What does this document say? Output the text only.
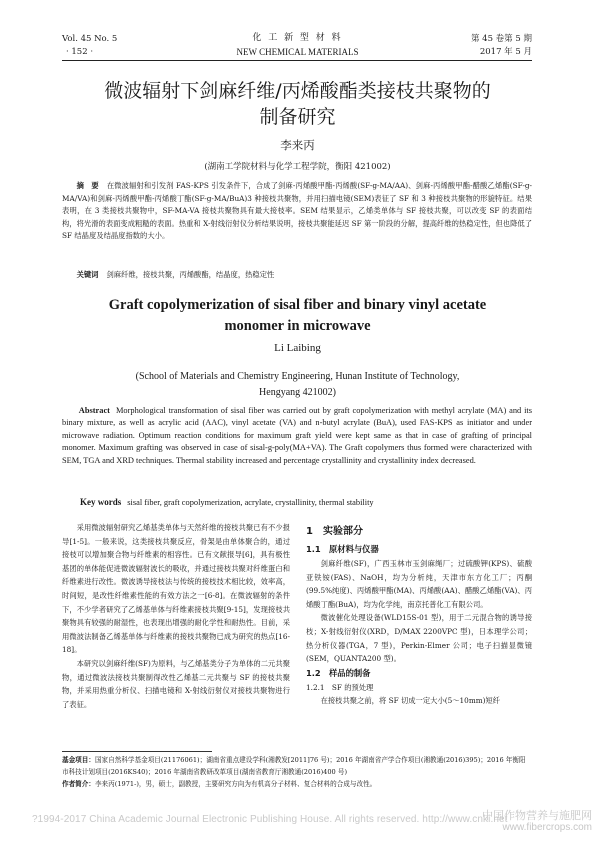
Vol. 45 No. 5
· 152 ·
化 工 新 型 材 料
NEW CHEMICAL MATERIALS
第 45 卷第 5 期
2017 年 5 月
微波辐射下剑麻纤维/丙烯酸酯类接枝共聚物的
制备研究
李来丙
(湖南工学院材料与化学工程学院，衡阳 421002)
摘　要 在微波辐射和引发剂 FAS-KPS 引发条件下，合成了剑麻-丙烯酸甲酯-丙烯酸(SF-g-MA/AA)、剑麻-丙烯酸甲酯-醋酸乙烯酯(SF-g-MA/VA)和剑麻-丙烯酸甲酯-丙烯酸丁酯(SF-g-MA/BuA)3 种接枝共聚物，并用扫描电镜(SEM)表征了 SF 和 3 种接枝共聚物的形貌特征。结果表明，在 3 类接枝共聚物中，SF-MA-VA 接枝共聚物具有最大接枝率。SEM 结果显示，乙烯类单体与 SF 接枝共聚，可以改变 SF 的表面结构，将光滑的表面变成粗糙的表面。热重和 X-射线衍射仪分析结果说明，接枝共聚能延迟 SF 第一阶段的分解，提高纤维的热稳定性，但也降低了 SF 结晶度及结晶度指数的大小。
关键词 剑麻纤维，接枝共聚，丙烯酸酯，结晶度，热稳定性
Graft copolymerization of sisal fiber and binary vinyl acetate
monomer in microwave
Li Laibing
(School of Materials and Chemistry Engineering, Hunan Institute of Technology,
Hengyang 421002)
Abstract Morphological transformation of sisal fiber was carried out by graft copolymerization with methyl acrylate (MA) and its binary mixture, as well as acrylic acid (AAC), vinyl acetate (VA) and n-butyl acrylate (BuA), used FAS-KPS as initiator and under microwave radiation. Optimum reaction conditions for maximum graft yield were kept same as that in case of grafting of principal monomer. Maximum grafting was observed in case of sisal-g-poly(MA+VA). The Graft copolymers thus formed were characterized with SEM, TGA and XRD techniques. Thermal stability increased and percentage crystallinity and crystallinity index decreased.
Key words sisal fiber, graft copolymerization, acrylate, crystallinity, thermal stability

采用微波辐射研究乙烯基类单体与天然纤维的接枝共聚已有不少报导[1-5]。一般来说，这类接枝共聚反应，骨架是由单体聚合的，通过接枝可以增加聚合物与纤维素的相容性。已有文献报导[6]，具有极性基团的单体能促进微波辐射波长的吸收，并通过接枝共聚对纤维蛋白和纤维素进行改性。微波诱导接枝法与传统的接枝技术相比较，效率高，时间短，是改性纤维素性能的有效方法之一[6-8]。在微波辐射的条件下，不少学者研究了乙烯基单体与纤维素接枝共聚[9-15]，发现接枝共聚物具有较强的耐湿性，也表现出增强的耐化学性和耐热性。目前，采用微波法制备乙烯基单体与纤维素的接枝共聚物已成为研究的热点[16-18]。

本研究以剑麻纤维(SF)为原料，与乙烯基类分子为单体的二元共聚物，通过微波法接枝共聚制得改性乙烯基二元共聚与 SF 的接枝共聚物，并采用热重分析仪、扫描电镜和 X-射线衍射仪对接枝共聚物进行了表征。

1　实验部分
1.1　原材料与仪器

剑麻纤维(SF)，广西玉林市玉剑麻绳厂；过硫酸钾(KPS)、硫酸亚铁铵(FAS)、NaOH，均为分析纯，天津市东方化工厂；丙酮(99.5%纯度)、丙烯酸甲酯(MA)、丙烯酸(AA)、醋酸乙烯酯(VA)、丙烯酸丁酯(BuA)，均为化学纯，南京托普化工有限公司。

微波催化处理设备(WLD15S-01 型)，用于二元混合物的诱导接枝；X-射线衍射仪(XRD，D/MAX 2200VPC 型)，日本理学公司；热分析仪器(TGA，7 型)，Perkin-Elmer 公司；电子扫描显微镜(SEM，QUANTA200 型)。

1.2　样品的制备
1.2.1　SF 的预处理

在接枝共聚之前，将 SF 切成一定大小(5～10mm)短纤

基金项目：国家自然科学基金项目(21176061)；湖南省重点建设学科(湘教发[2011]76 号)；2016 年湖南省产学合作项目(湘教通(2016)395)；2016 年衡阳市科技计划项目(2016KS40)；2016 年湖南省教研改革项目(湖南省教育厅湘教通(2016)400 号)
作者简介：李来丙(1971-)，男，硕士，副教授，主要研究方向为有机高分子材料、复合材料的合成与改性。
?1994-2017 China Academic Journal Electronic Publishing House. All rights reserved. http://www.cnki.net
中国作物营养与施肥网
www.fibercrops.com
